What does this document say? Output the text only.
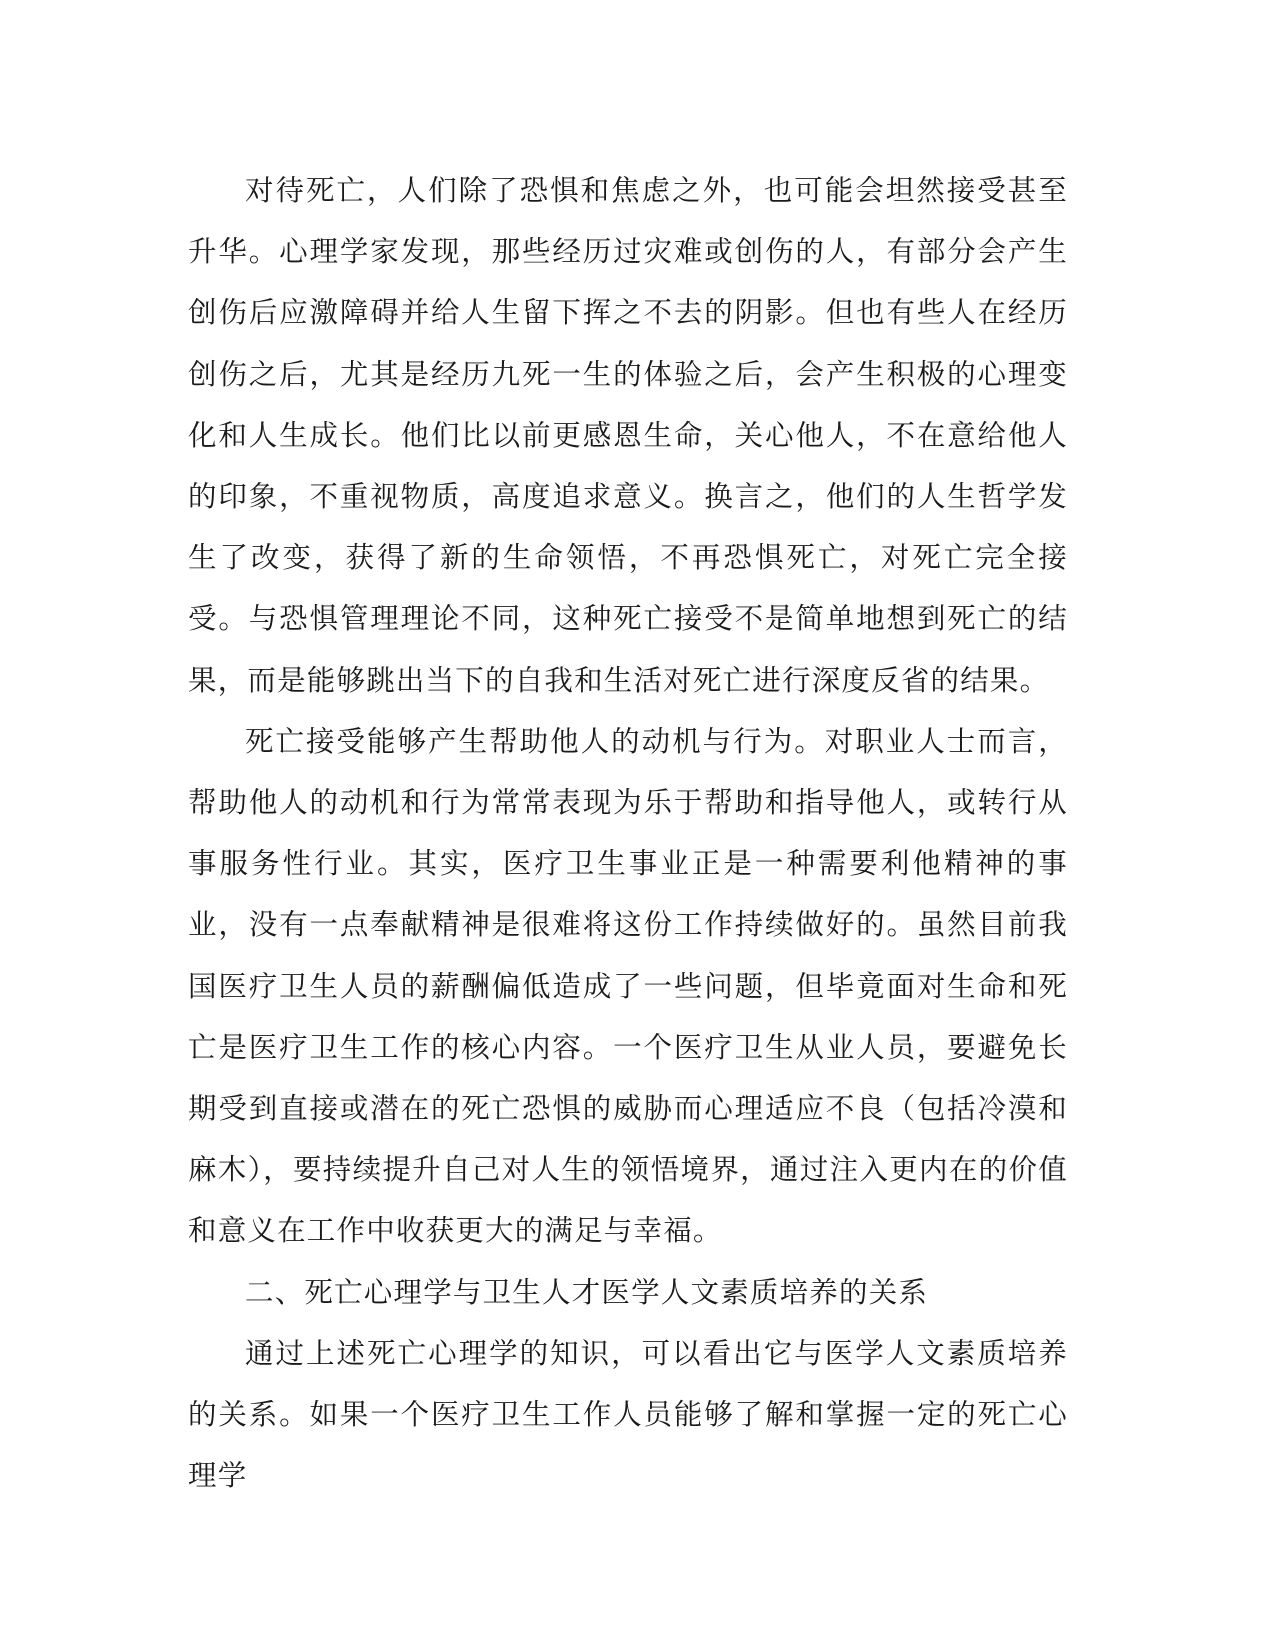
对待死亡，人们除了恐惧和焦虑之外，也可能会坦然接受甚至升华。心理学家发现，那些经历过灾难或创伤的人，有部分会产生创伤后应激障碍并给人生留下挥之不去的阴影。但也有些人在经历创伤之后，尤其是经历九死一生的体验之后，会产生积极的心理变化和人生成长。他们比以前更感恩生命，关心他人，不在意给他人的印象，不重视物质，高度追求意义。换言之，他们的人生哲学发生了改变，获得了新的生命领悟，不再恐惧死亡，对死亡完全接受。与恐惧管理理论不同，这种死亡接受不是简单地想到死亡的结果，而是能够跳出当下的自我和生活对死亡进行深度反省的结果。

死亡接受能够产生帮助他人的动机与行为。对职业人士而言，帮助他人的动机和行为常常表现为乐于帮助和指导他人，或转行从事服务性行业。其实，医疗卫生事业正是一种需要利他精神的事业，没有一点奉献精神是很难将这份工作持续做好的。虽然目前我国医疗卫生人员的薪酬偏低造成了一些问题，但毕竟面对生命和死亡是医疗卫生工作的核心内容。一个医疗卫生从业人员，要避免长期受到直接或潜在的死亡恐惧的威胁而心理适应不良（包括冷漠和麻木），要持续提升自己对人生的领悟境界，通过注入更内在的价值和意义在工作中收获更大的满足与幸福。

二、死亡心理学与卫生人才医学人文素质培养的关系

通过上述死亡心理学的知识，可以看出它与医学人文素质培养的关系。如果一个医疗卫生工作人员能够了解和掌握一定的死亡心理学
